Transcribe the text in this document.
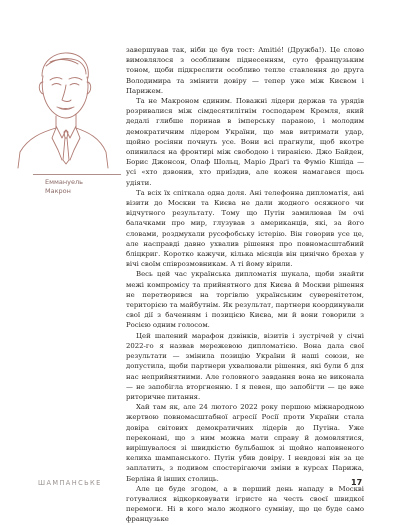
Еммануель
Макрон

завершував так, ніби це був тост: Amitié! (Дружба!). Це слово вимовлялося з особливим піднесенням, суто французьким тоном, щоби підкреслити особливо тепле ставлення до друга Володимира та змінити довіру — тепер уже між Києвом і Парижем.

Та не Макроном єдиним. Поважні лідери держав та урядів розривалися між сімдесятилітнім господарем Кремля, який дедалі глибше поринав в імперську параною, і молодим демократичним лідером України, що мав витримати удар, щойно росіяни почнуть усе. Вони всі прагнули, щоб вкотре опинилася на фронтирі між свободою і тиранією. Джо Байден, Борис Джонсон, Олаф Шольц, Маріо Драґі та Фуміо Кішіда — усі «хто дзвонив, хто приїздив, але кожен намагався щось удіяти.

Та всіх їх спіткала одна доля. Ані телефонна дипломатія, ані візити до Москви та Києва не дали жодного осяжного чи відчутного результату. Тому що Путін замилював їм очі балачками про мир, глузував з американців, які, за його словами, роздмухали русофобську істерію. Він говорив усе це, але насправді давно ухвалив рішення про повномасштабний бліцкриг. Коротко кажучи, кілька місяців він цинічно брехав у вічі своїм співрозмовникам. А ті йому вірили.

Весь цей час українська дипломатія шукала, щоби знайти межі компромісу та прийнятного для Києва й Москви рішення не перетворився на торгівлю українським суверенітетом, територією та майбутнім. Як результат, партнери координували свої дії з баченням і позицією Києва, ми й вони говорили з Росією одним голосом.

Цей шалений марафон дзвінків, візитів і зустрічей у січні 2022-го я назвав мережевою дипломатією. Вона дала свої результати — змінила позицію України й наші союзи, не допустила, щоби партнери ухвалювали рішення, які були б для нас неприйнятними. Але головного завдання вона не виконала — не запобігла вторгненню. І я певен, що запобігти — це вже риторичне питання.

Хай там як, але 24 лютого 2022 року першою міжнародною жертвою повномасштабної агресії Росії проти України стала довіра світових демократичних лідерів до Путіна. Уже переконані, що з ним можна мати справу й домовлятися, вирішувалося зі швидкістю бульбашок зі щойно наповненого келиха шампанського. Путін убив довіру. І невдовзі він за це заплатить, з подивом спостерігаючи зміни в курсах Парижа, Берліна й інших столиць.

Але це буде згодом, а в перший день нападу в Москві готувалися відкорковувати ігристе на честь своєї швидкої перемоги. Ні в кого мало жодного сумніву, що це буде само французьке

ШАМПАНСЬКЕ	17
